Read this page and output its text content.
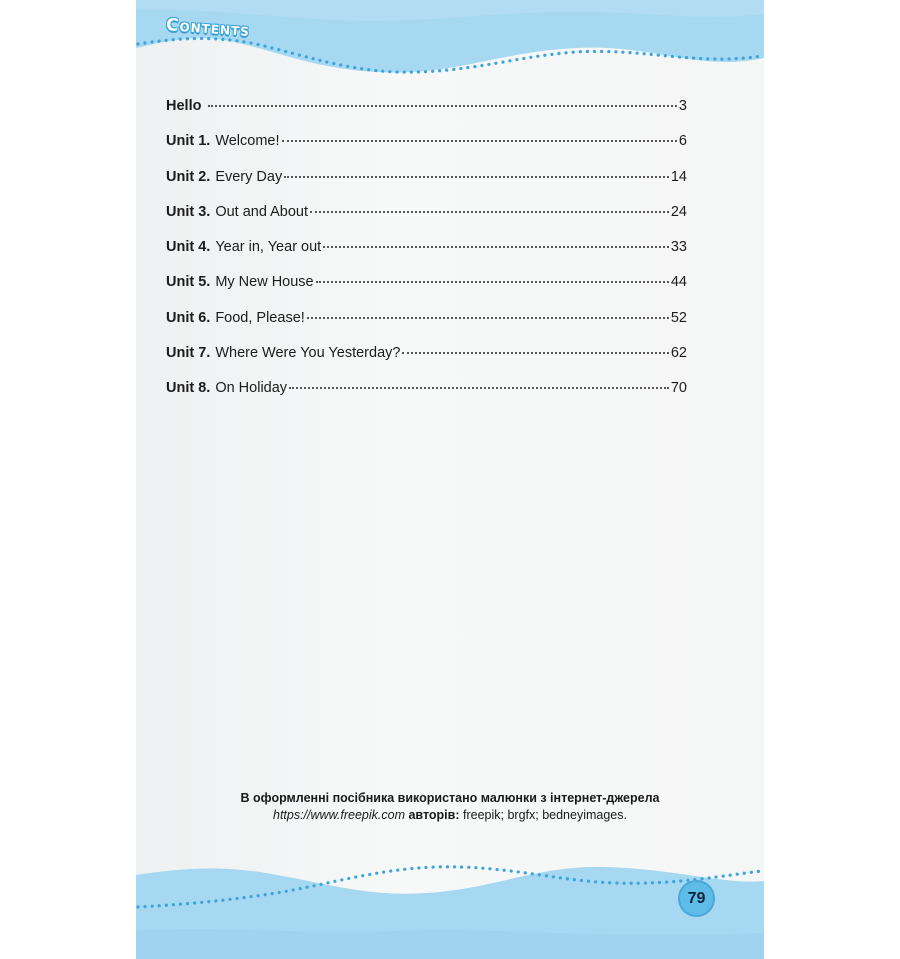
Contents
Hello	3
Unit 1. Welcome!	6
Unit 2. Every Day	14
Unit 3. Out and About	24
Unit 4. Year in, Year out	33
Unit 5. My New House	44
Unit 6. Food, Please!	52
Unit 7. Where Were You Yesterday?	62
Unit 8. On Holiday	70
В оформленні посібника використано малюнки з інтернет-джерела
https://www.freepik.com авторів: freepik; brgfx; bedneyimages.
79
